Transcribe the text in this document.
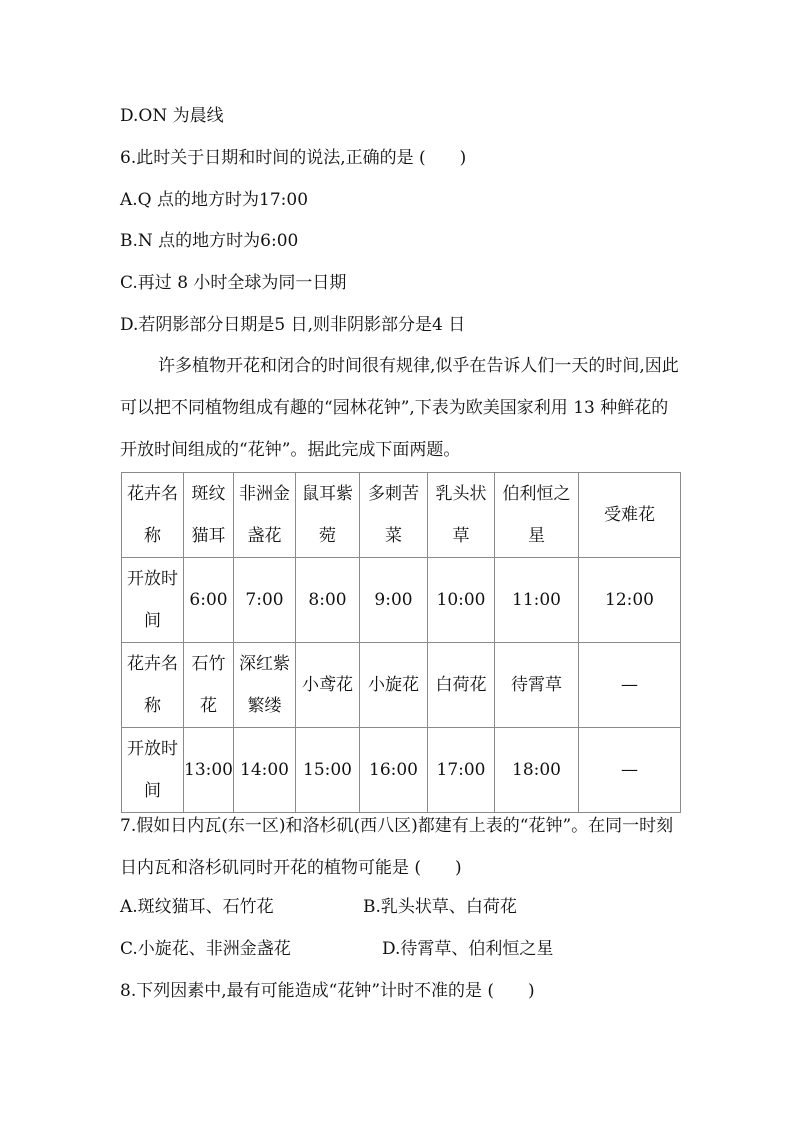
D.ON 为晨线
6.此时关于日期和时间的说法,正确的是 (　　)
A.Q 点的地方时为17:00
B.N 点的地方时为6:00
C.再过 8 小时全球为同一日期
D.若阴影部分日期是5 日,则非阴影部分是4 日
许多植物开花和闭合的时间很有规律,似乎在告诉人们一天的时间,因此可以把不同植物组成有趣的“园林花钟”,下表为欧美国家利用 13 种鲜花的开放时间组成的“花钟”。据此完成下面两题。
花卉名称	斑纹猫耳	非洲金盏花	鼠耳紫菀	多刺苦菜	乳头状草	伯利恒之星	受难花
开放时间	6:00	7:00	8:00	9:00	10:00	11:00	12:00
花卉名称	石竹花	深红紫繁缕	小鸢花	小旋花	白荷花	待霄草	—
开放时间	13:00	14:00	15:00	16:00	17:00	18:00	—
7.假如日内瓦(东一区)和洛杉矶(西八区)都建有上表的“花钟”。在同一时刻日内瓦和洛杉矶同时开花的植物可能是 (　　)
A.斑纹猫耳、石竹花	B.乳头状草、白荷花
C.小旋花、非洲金盏花	D.待霄草、伯利恒之星
8.下列因素中,最有可能造成“花钟”计时不准的是 (　　)
